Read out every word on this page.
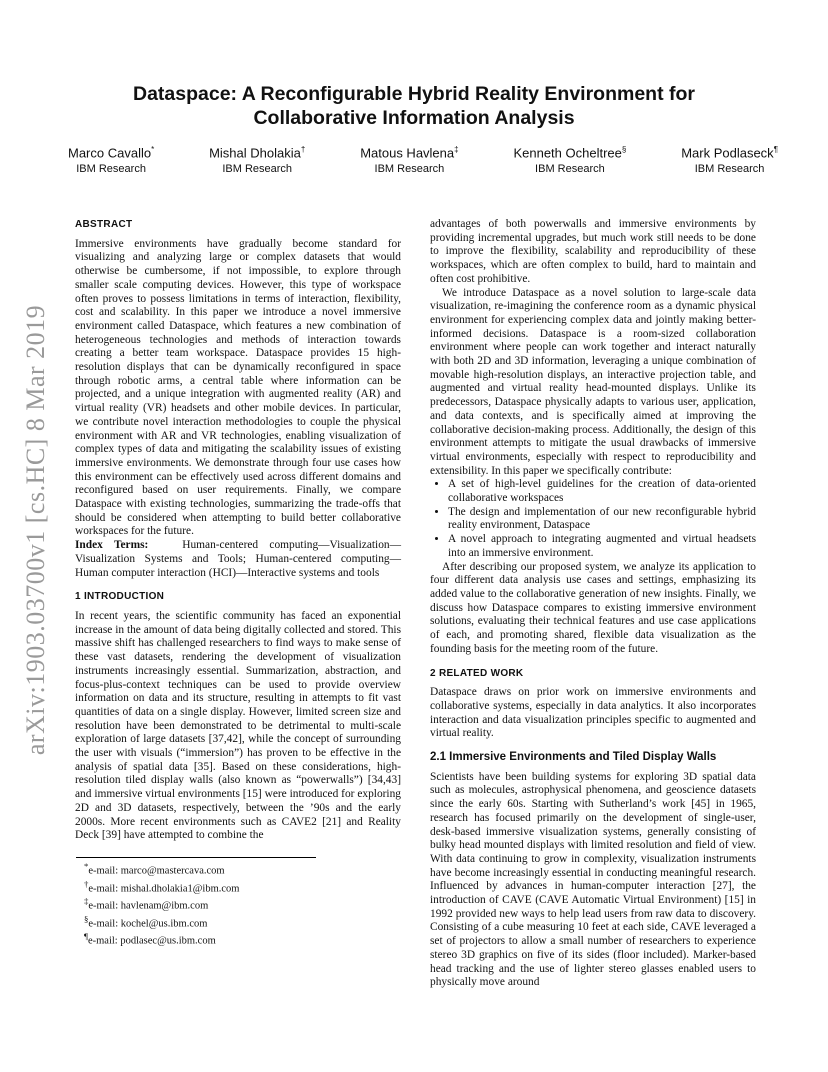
arXiv:1903.03700v1 [cs.HC] 8 Mar 2019
Dataspace: A Reconfigurable Hybrid Reality Environment for Collaborative Information Analysis
Marco Cavallo*
IBM Research
Mishal Dholakia†
IBM Research
Matous Havlena‡
IBM Research
Kenneth Ocheltree§
IBM Research
Mark Podlaseck¶
IBM Research
ABSTRACT

Immersive environments have gradually become standard for visualizing and analyzing large or complex datasets that would otherwise be cumbersome, if not impossible, to explore through smaller scale computing devices. However, this type of workspace often proves to possess limitations in terms of interaction, flexibility, cost and scalability. In this paper we introduce a novel immersive environment called Dataspace, which features a new combination of heterogeneous technologies and methods of interaction towards creating a better team workspace. Dataspace provides 15 high-resolution displays that can be dynamically reconfigured in space through robotic arms, a central table where information can be projected, and a unique integration with augmented reality (AR) and virtual reality (VR) headsets and other mobile devices. In particular, we contribute novel interaction methodologies to couple the physical environment with AR and VR technologies, enabling visualization of complex types of data and mitigating the scalability issues of existing immersive environments. We demonstrate through four use cases how this environment can be effectively used across different domains and reconfigured based on user requirements. Finally, we compare Dataspace with existing technologies, summarizing the trade-offs that should be considered when attempting to build better collaborative workspaces for the future.

Index Terms:	Human-centered computing—Visualization—Visualization Systems and Tools; Human-centered computing—Human computer interaction (HCI)—Interactive systems and tools

1 INTRODUCTION

In recent years, the scientific community has faced an exponential increase in the amount of data being digitally collected and stored. This massive shift has challenged researchers to find ways to make sense of these vast datasets, rendering the development of visualization instruments increasingly essential. Summarization, abstraction, and focus-plus-context techniques can be used to provide overview information on data and its structure, resulting in attempts to fit vast quantities of data on a single display. However, limited screen size and resolution have been demonstrated to be detrimental to multi-scale exploration of large datasets [37,42], while the concept of surrounding the user with visuals (“immersion”) has proven to be effective in the analysis of spatial data [35]. Based on these considerations, high-resolution tiled display walls (also known as “powerwalls”) [34,43] and immersive virtual environments [15] were introduced for exploring 2D and 3D datasets, respectively, between the ’90s and the early 2000s. More recent environments such as CAVE2 [21] and Reality Deck [39] have attempted to combine the

advantages of both powerwalls and immersive environments by providing incremental upgrades, but much work still needs to be done to improve the flexibility, scalability and reproducibility of these workspaces, which are often complex to build, hard to maintain and often cost prohibitive.

We introduce Dataspace as a novel solution to large-scale data visualization, re-imagining the conference room as a dynamic physical environment for experiencing complex data and jointly making better-informed decisions. Dataspace is a room-sized collaboration environment where people can work together and interact naturally with both 2D and 3D information, leveraging a unique combination of movable high-resolution displays, an interactive projection table, and augmented and virtual reality head-mounted displays. Unlike its predecessors, Dataspace physically adapts to various user, application, and data contexts, and is specifically aimed at improving the collaborative decision-making process. Additionally, the design of this environment attempts to mitigate the usual drawbacks of immersive virtual environments, especially with respect to reproducibility and extensibility. In this paper we specifically contribute:

• A set of high-level guidelines for the creation of data-oriented collaborative workspaces
• The design and implementation of our new reconfigurable hybrid reality environment, Dataspace
• A novel approach to integrating augmented and virtual headsets into an immersive environment.

After describing our proposed system, we analyze its application to four different data analysis use cases and settings, emphasizing its added value to the collaborative generation of new insights. Finally, we discuss how Dataspace compares to existing immersive environment solutions, evaluating their technical features and use case applications of each, and promoting shared, flexible data visualization as the founding basis for the meeting room of the future.

2 RELATED WORK

Dataspace draws on prior work on immersive environments and collaborative systems, especially in data analytics. It also incorporates interaction and data visualization principles specific to augmented and virtual reality.

2.1 Immersive Environments and Tiled Display Walls

Scientists have been building systems for exploring 3D spatial data such as molecules, astrophysical phenomena, and geoscience datasets since the early 60s. Starting with Sutherland’s work [45] in 1965, research has focused primarily on the development of single-user, desk-based immersive visualization systems, generally consisting of bulky head mounted displays with limited resolution and field of view. With data continuing to grow in complexity, visualization instruments have become increasingly essential in conducting meaningful research. Influenced by advances in human-computer interaction [27], the introduction of CAVE (CAVE Automatic Virtual Environment) [15] in 1992 provided new ways to help lead users from raw data to discovery. Consisting of a cube measuring 10 feet at each side, CAVE leveraged a set of projectors to allow a small number of researchers to experience stereo 3D graphics on five of its sides (floor included). Marker-based head tracking and the use of lighter stereo glasses enabled users to physically move around

*e-mail: marco@mastercava.com
†e-mail: mishal.dholakia1@ibm.com
‡e-mail: havlenam@ibm.com
§e-mail: kochel@us.ibm.com
¶e-mail: podlasec@us.ibm.com
